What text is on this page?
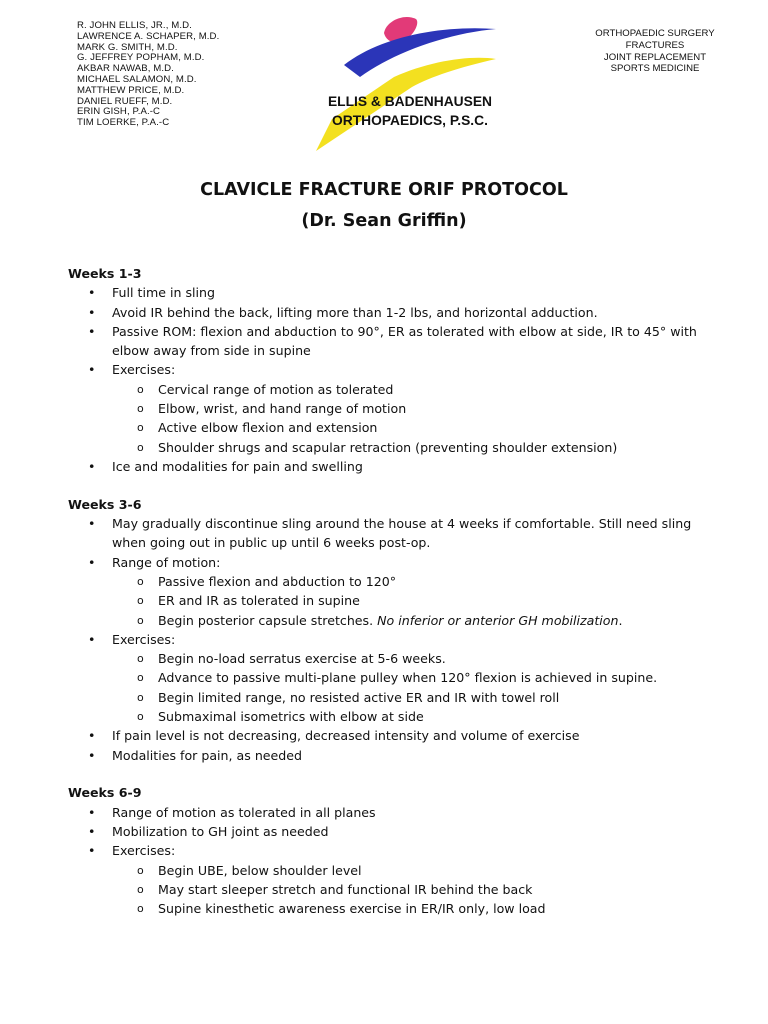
R. JOHN ELLIS, JR., M.D.
LAWRENCE A. SCHAPER, M.D.
MARK G. SMITH, M.D.
G. JEFFREY POPHAM, M.D.
AKBAR NAWAB, M.D.
MICHAEL SALAMON, M.D.
MATTHEW PRICE, M.D.
DANIEL RUEFF, M.D.
ERIN GISH, P.A.-C
TIM LOERKE, P.A.-C
ELLIS & BADENHAUSEN
ORTHOPAEDICS, P.S.C.
ORTHOPAEDIC SURGERY
FRACTURES
JOINT REPLACEMENT
SPORTS MEDICINE
CLAVICLE FRACTURE ORIF PROTOCOL
(Dr. Sean Griffin)
Weeks 1-3
• Full time in sling
• Avoid IR behind the back, lifting more than 1-2 lbs, and horizontal adduction.
• Passive ROM: flexion and abduction to 90°, ER as tolerated with elbow at side, IR to 45° with elbow away from side in supine
• Exercises:
o Cervical range of motion as tolerated
o Elbow, wrist, and hand range of motion
o Active elbow flexion and extension
o Shoulder shrugs and scapular retraction (preventing shoulder extension)
• Ice and modalities for pain and swelling
Weeks 3-6
• May gradually discontinue sling around the house at 4 weeks if comfortable. Still need sling when going out in public up until 6 weeks post-op.
• Range of motion:
o Passive flexion and abduction to 120°
o ER and IR as tolerated in supine
o Begin posterior capsule stretches. No inferior or anterior GH mobilization.
• Exercises:
o Begin no-load serratus exercise at 5-6 weeks.
o Advance to passive multi-plane pulley when 120° flexion is achieved in supine.
o Begin limited range, no resisted active ER and IR with towel roll
o Submaximal isometrics with elbow at side
• If pain level is not decreasing, decreased intensity and volume of exercise
• Modalities for pain, as needed
Weeks 6-9
• Range of motion as tolerated in all planes
• Mobilization to GH joint as needed
• Exercises:
o Begin UBE, below shoulder level
o May start sleeper stretch and functional IR behind the back
o Supine kinesthetic awareness exercise in ER/IR only, low load
